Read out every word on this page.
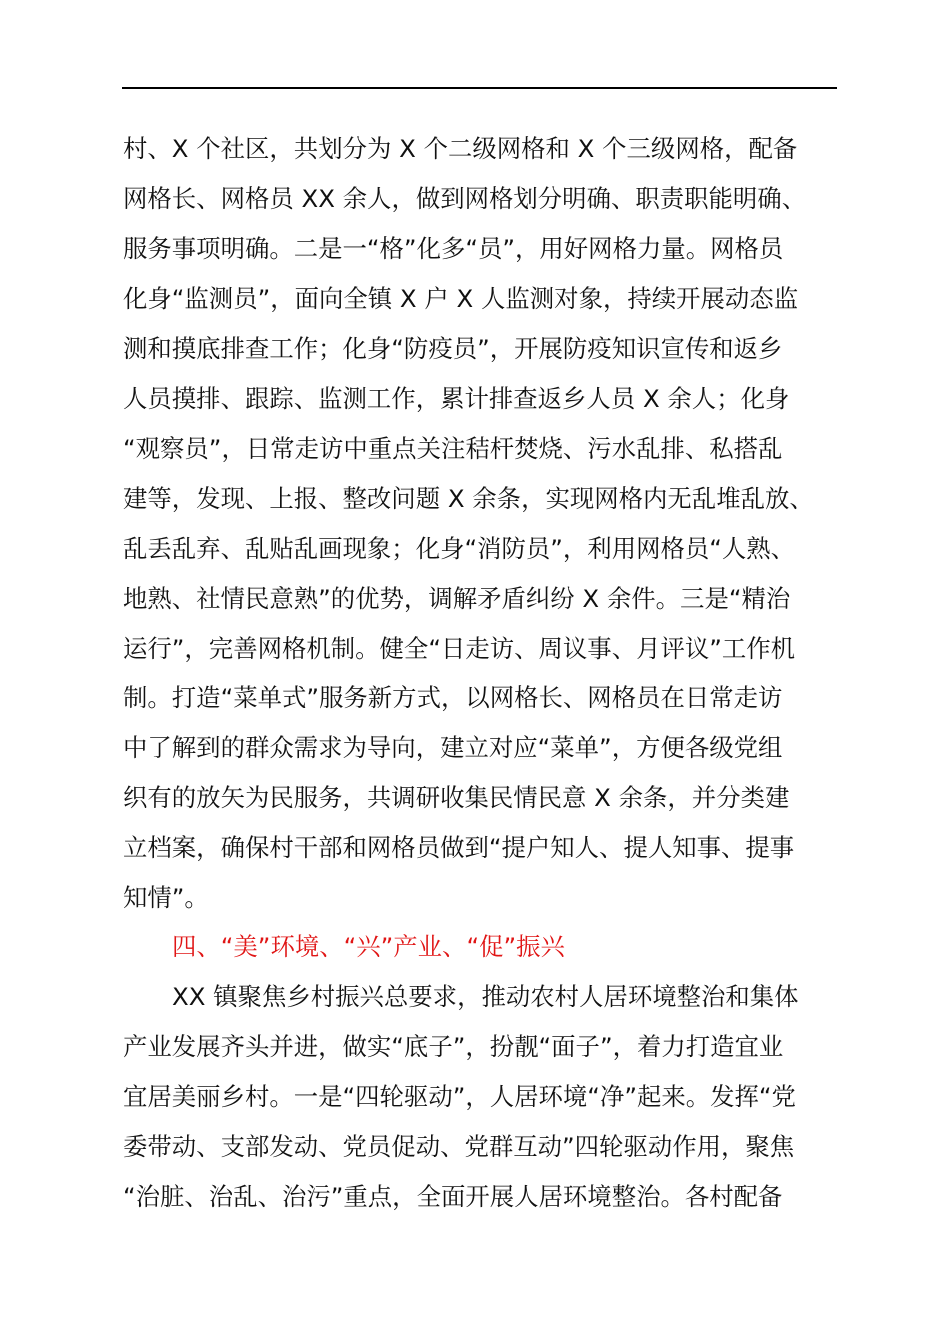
村、X 个社区，共划分为 X 个二级网格和 X 个三级网格，配备
网格长、网格员 XX 余人，做到网格划分明确、职责职能明确、
服务事项明确。二是一“格”化多“员”，用好网格力量。网格员
化身“监测员”，面向全镇 X 户 X 人监测对象，持续开展动态监
测和摸底排查工作；化身“防疫员”，开展防疫知识宣传和返乡
人员摸排、跟踪、监测工作，累计排查返乡人员 X 余人；化身
“观察员”，日常走访中重点关注秸杆焚烧、污水乱排、私搭乱
建等，发现、上报、整改问题 X 余条，实现网格内无乱堆乱放、
乱丢乱弃、乱贴乱画现象；化身“消防员”，利用网格员“人熟、
地熟、社情民意熟”的优势，调解矛盾纠纷 X 余件。三是“精治
运行”，完善网格机制。健全“日走访、周议事、月评议”工作机
制。打造“菜单式”服务新方式，以网格长、网格员在日常走访
中了解到的群众需求为导向，建立对应“菜单”，方便各级党组
织有的放矢为民服务，共调研收集民情民意 X 余条，并分类建
立档案，确保村干部和网格员做到“提户知人、提人知事、提事
知情”。
四、“美”环境、“兴”产业、“促”振兴
XX 镇聚焦乡村振兴总要求，推动农村人居环境整治和集体
产业发展齐头并进，做实“底子”，扮靓“面子”，着力打造宜业
宜居美丽乡村。一是“四轮驱动”，人居环境“净”起来。发挥“党
委带动、支部发动、党员促动、党群互动”四轮驱动作用，聚焦
“治脏、治乱、治污”重点，全面开展人居环境整治。各村配备
